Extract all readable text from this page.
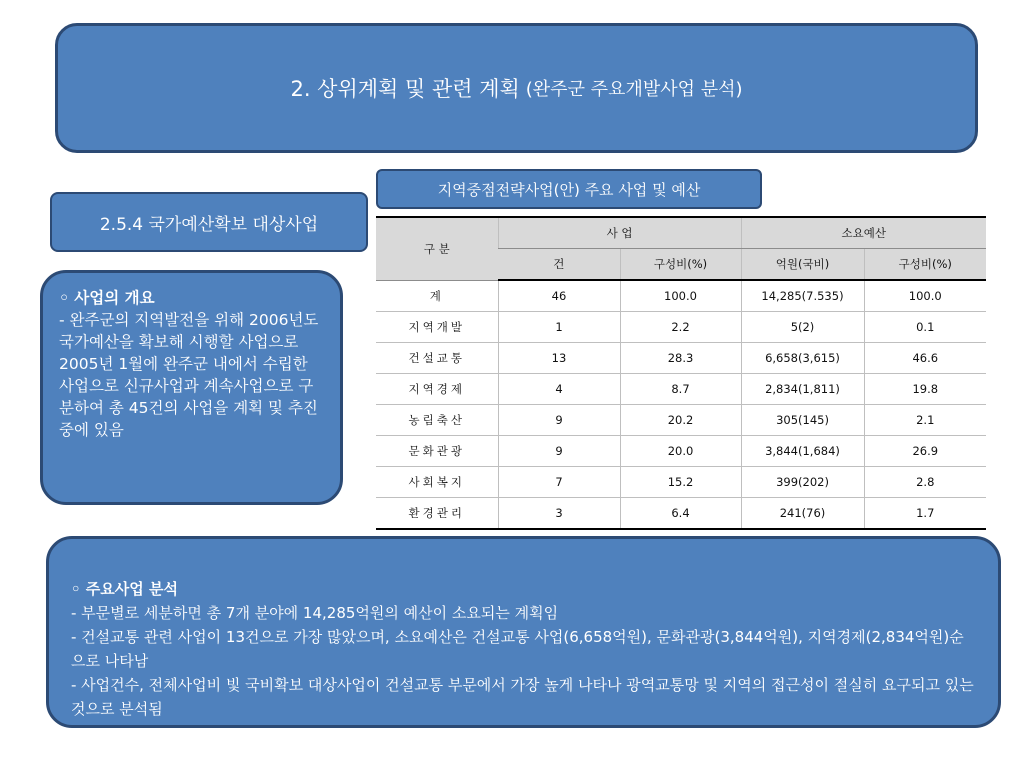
2. 상위계획 및 관련 계획 (완주군 주요개발사업 분석)
지역중점전략사업(안) 주요 사업 및 예산
2.5.4 국가예산확보 대상사업
◦ 사업의 개요
- 완주군의 지역발전을 위해 2006년도 국가예산을 확보해 시행할 사업으로 2005년 1월에 완주군 내에서 수립한 사업으로 신규사업과 계속사업으로 구분하여 총 45건의 사업을 계획 및 추진 중에 있음
구 분	사 업		소요예산	
	건	구성비(%)	억원(국비)	구성비(%)
계	46	100.0	14,285(7.535)	100.0
지역개발	1	2.2	5(2)	0.1
건설교통	13	28.3	6,658(3,615)	46.6
지역경제	4	8.7	2,834(1,811)	19.8
농림축산	9	20.2	305(145)	2.1
문화관광	9	20.0	3,844(1,684)	26.9
사회복지	7	15.2	399(202)	2.8
환경관리	3	6.4	241(76)	1.7
◦ 주요사업 분석
- 부문별로 세분하면 총 7개 분야에 14,285억원의 예산이 소요되는 계획임
- 건설교통 관련 사업이 13건으로 가장 많았으며, 소요예산은 건설교통 사업(6,658억원), 문화관광(3,844억원), 지역경제(2,834억원)순으로 나타남
- 사업건수, 전체사업비 빛 국비확보 대상사업이 건설교통 부문에서 가장 높게 나타나 광역교통망 및 지역의 접근성이 절실히 요구되고 있는 것으로 분석됨
